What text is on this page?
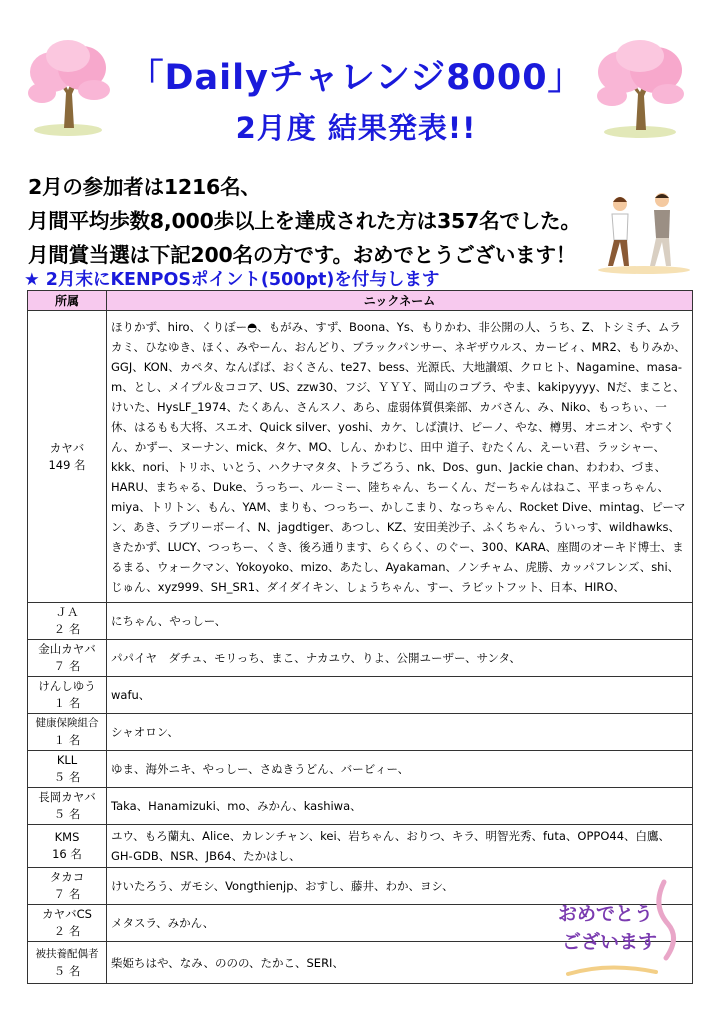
「Dailyチャレンジ8000」
2月度 結果発表!!
2月の参加者は1216名、
月間平均歩数8,000歩以上を達成された方は357名でした。
月間賞当選は下記200名の方です。おめでとうございます！
★ 2月末にKENPOSポイント(500pt)を付与します
所属	ニックネーム

カヤバ
149 名	ほりかず、hiro、くりぼー◓、もがみ、すず、Boona、Ys、もりかわ、非公開の人、うち、Z、トシミチ、ムラカミ、ひなゆき、ほく、みやーん、おんどり、ブラックパンサー、ネギザウルス、カービィ、MR2、もりみか、GGJ、KON、カペタ、なんばば、おくさん、te27、bess、光源氏、大地讃頌、クロヒト、Nagamine、masa-m、とし、メイプル＆ココア、US、zzw30、フジ、ＹＹＹ、岡山のコブラ、やま、kakipyyyy、Nだ、まこと、けいた、HysLF_1974、たくあん、さんスノ、あら、虚弱体質俱楽部、カバさん、み、Niko、もっちぃ、一休、はるもも大将、スエオ、Quick silver、yoshi、カケ、しば漬け、ピーノ、やな、樽男、オニオン、やすくん、かずー、ヌーナン、mick、タケ、MO、しん、かわじ、田中 道子、むたくん、えーい君、ラッシャー、kkk、nori、トリホ、いとう、ハクナマタタ、トラごろう、nk、Dos、gun、Jackie chan、わわわ、づま、HARU、まちゃる、Duke、うっちー、ルーミー、陸ちゃん、ちーくん、だーちゃんはねこ、平まっちゃん、miya、トリトン、もん、YAM、まりも、つっちー、かしこまり、なっちゃん、Rocket Dive、mintag、ピーマン、あき、ラブリーボーイ、N、jagdtiger、あつし、KZ、安田美沙子、ふくちゃん、ういっす、wildhawks、きたかず、LUCY、つっちー、くき、後ろ通ります、らくらく、のぐー、300、KARA、座間のオーキド博士、まるまる、ウォークマン、Yokoyoko、mizo、あたし、Ayakaman、ノンチャム、虎勝、カッパフレンズ、shi、じゅん、xyz999、SH_SR1、ダイダイキン、しょうちゃん、すー、ラビットフット、日本、HIRO、

ＪＡ
２ 名	にちゃん、やっしー、

金山カヤバ
７ 名	パパイヤ　ダチュ、モリっち、まこ、ナカユウ、りよ、公開ユーザー、サンタ、

けんしゆう
１ 名	wafu、

健康保険組合
１ 名	シャオロン、

KLL
５ 名	ゆま、海外ニキ、やっしー、さぬきうどん、バービィー、

長岡カヤバ
５ 名	Taka、Hanamizuki、mo、みかん、kashiwa、

KMS
16 名	ユウ、もろ蘭丸、Alice、カレンチャン、kei、岩ちゃん、おりつ、キラ、明智光秀、futa、OPPO44、白鷹、GH-GDB、NSR、JB64、たかはし、

タカコ
７ 名	けいたろう、ガモシ、Vongthienjp、おすし、藤井、わか、ヨシ、

カヤバCS
２ 名	メタスラ、みかん、

被扶養配偶者
５ 名	柴姫ちはや、なみ、ののの、たかこ、SERI、
おめでとう
ございます
